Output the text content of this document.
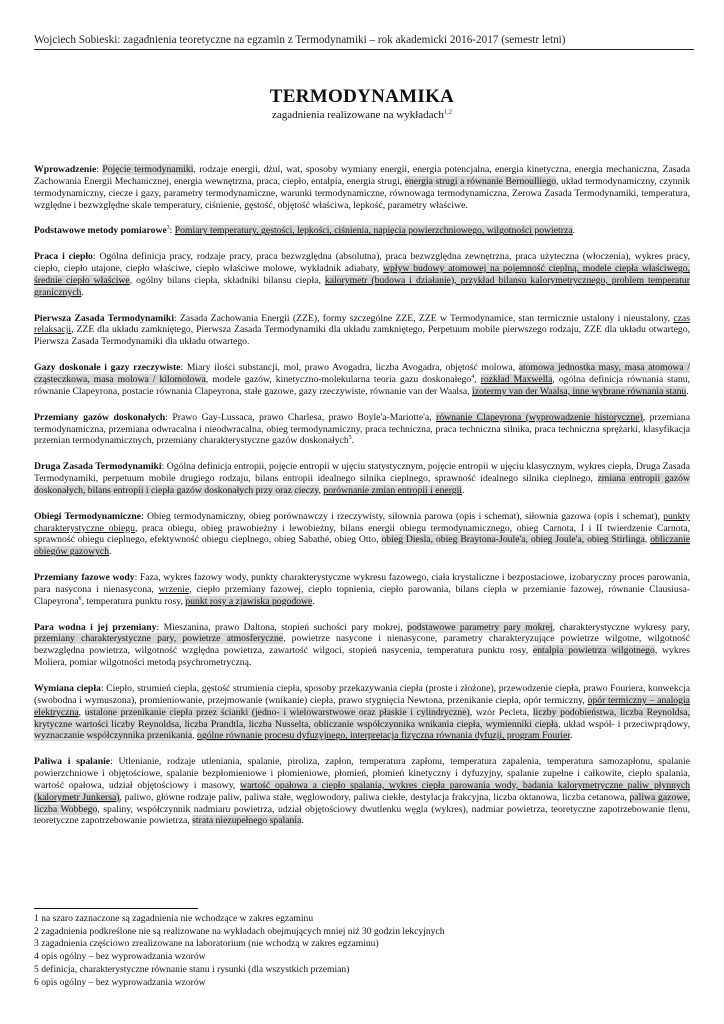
Wojciech Sobieski: zagadnienia teoretyczne na egzamin z Termodynamiki – rok akademicki 2016-2017 (semestr letni)
TERMODYNAMIKA
zagadnienia realizowane na wykładach$^{1,2}$

Wprowadzenie: Pojęcie termodynamiki, rodzaje energii, dżul, wat, sposoby wymiany energii, energia potencjalna, energia kinetyczna, energia mechaniczna, Zasada Zachowania Energii Mechanicznej, energia wewnętrzna, praca, ciepło, entalpia, energia strugi, energia strugi a równanie Bernoulliego, układ termodynamiczny, czynnik termodynamiczny, ciecze i gazy, parametry termodynamiczne, warunki termodynamiczne, równowaga termodynamiczna, Zerowa Zasada Termodynamiki, temperatura, względne i bezwzględne skale temperatury, ciśnienie, gęstość, objętość właściwa, lepkość, parametry właściwe.

Podstawowe metody pomiarowe$^3$: Pomiary temperatury, gęstości, lepkości, ciśnienia, napięcia powierzchniowego, wilgotności powietrza.

Praca i ciepło: Ogólna definicja pracy, rodzaje pracy, praca bezwzględna (absolutna), praca bezwzględna zewnętrzna, praca użyteczna (włoczenia), wykres pracy, ciepło, ciepło utajone, ciepło właściwe, ciepło właściwe molowe, wykładnik adiabaty, wpływ budowy atomowej na pojemność cieplną, modele ciepła właściwego, średnie ciepło właściwe, ogólny bilans ciepła, składniki bilansu ciepła, kalorymetr (budowa i działanie), przykład bilansu kalorymetrycznego, problem temperatur granicznych.

Pierwsza Zasada Termodynamiki: Zasada Zachowania Energii (ZZE), formy szczególne ZZE, ZZE w Termodynamice, stan termicznie ustalony i nieustalony, czas relaksacji, ZZE dla układu zamkniętego, Pierwsza Zasada Termodynamiki dla układu zamkniętego, Perpetuum mobile pierwszego rodzaju, ZZE dla układu otwartego, Pierwsza Zasada Termodynamiki dla układu otwartego.

Gazy doskonałe i gazy rzeczywiste: Miary ilości substancji, mol, prawo Avogadra, liczba Avogadra, objętość molowa, atomowa jednostka masy, masa atomowa / cząsteczkowa, masa molowa / kilomolowa, modele gazów, kinetyczno-molekularna teoria gazu doskonałego$^4$, rozkład Maxwella, ogólna definicja równania stanu, równanie Clapeyrona, postacie równania Clapeyrona, stałe gazowe, gazy rzeczywiste, równanie van der Waalsa, izotermy van der Waalsa, inne wybrane równania stanu.

Przemiany gazów doskonałych: Prawo Gay-Lussaca, prawo Charlesa, prawo Boyle'a-Mariotte'a, równanie Clapeyrona (wyprowadzenie historyczne), przemiana termodynamiczna, przemiana odwracalna i nieodwracalna, obieg termodynamiczny, praca techniczna, praca techniczna silnika, praca techniczna sprężarki, klasyfikacja przemian termodynamicznych, przemiany charakterystyczne gazów doskonałych$^5$.

Druga Zasada Termodynamiki: Ogólna definicja entropii, pojęcie entropii w ujęciu statystycznym, pojęcie entropii w ujęciu klasycznym, wykres ciepła, Druga Zasada Termodynamiki, perpetuum mobile drugiego rodzaju, bilans entropii idealnego silnika cieplnego, sprawność idealnego silnika cieplnego, zmiana entropii gazów doskonałych, bilans entropii i ciepła gazów doskonałych przy oraz cieczy, porównanie zmian entropii i energii.

Obiegi Termodynamiczne: Obieg termodynamiczny, obieg porównawczy i rzeczywisty, siłownia parowa (opis i schemat), siłownia gazowa (opis i schemat), punkty charakterystyczne obiegu, praca obiegu, obieg prawobieżny i lewobieżny, bilans energii obiegu termodynamicznego, obieg Carnota, I i II twierdzenie Carnota, sprawność obiegu cieplnego, efektywność obiegu cieplnego, obieg Sabathé, obieg Otto, obieg Diesla, obieg Braytona-Joule'a, obieg Joule'a, obieg Stirlinga, obliczanie obiegów gazowych.

Przemiany fazowe wody: Faza, wykres fazowy wody, punkty charakterystyczne wykresu fazowego, ciała krystaliczne i bezpostaciowe, izobaryczny proces parowania, para nasycona i nienasycona, wrzenie, ciepło przemiany fazowej, ciepło topnienia, ciepło parowania, bilans ciepła w przemianie fazowej, równanie Clausiusa-Clapeyrona$^6$, temperatura punktu rosy, punkt rosy a zjawiska pogodowe.

Para wodna i jej przemiany: Mieszanina, prawo Daltona, stopień suchości pary mokrej, podstawowe parametry pary mokrej, charakterystyczne wykresy pary, przemiany charakterystyczne pary, powietrze atmosferyczne, powietrze nasycone i nienasycone, parametry charakteryzujące powietrze wilgotne, wilgotność bezwzględna powietrza, wilgotność względna powietrza, zawartość wilgoci, stopień nasycenia, temperatura punktu rosy, entalpia powietrza wilgotnego, wykres Moliera, pomiar wilgotności metodą psychrometryczną.

Wymiana ciepła: Ciepło, strumień ciepła, gęstość strumienia ciepła, sposoby przekazywania ciepła (proste i złożone), przewodzenie ciepła, prawo Fouriera, konwekcja (swobodna i wymuszona), promieniowanie, przejmowanie (wnikanie) ciepła, prawo stygnięcia Newtona, przenikanie ciepła, opór termiczny, opór termiczny – analogia elektryczna, ustalone przenikanie ciepła przez ścianki (jedno- i wielowarstwowe oraz płaskie i cylindryczne), wzór Pecleta, liczby podobieństwa, liczba Reynoldsa, krytyczne wartości liczby Reynoldsa, liczba Prandtla, liczba Nusselta, obliczanie współczynnika wnikania ciepła, wymienniki ciepła, układ współ- i przeciwprądowy, wyznaczanie współczynnika przenikania, ogólne równanie procesu dyfuzyjnego, interpretacja fizyczna równania dyfuzji, program Fourier.

Paliwa i spalanie: Utlenianie, rodzaje utleniania, spalanie, piroliza, zapłon, temperatura zapłonu, temperatura zapalenia, temperatura samozapłonu, spalanie powierzchniowe i objętościowe, spalanie bezpłomieniowe i płomieniowe, płomień, płomień kinetyczny i dyfuzyjny, spalanie zupełne i całkowite, ciepło spalania, wartość opałowa, udział objętościowy i masowy, wartość opałowa a ciepło spalania, wykres ciepła parowania wody, badania kalorymetryczne paliw płynnych (kalorymetr Junkersa), paliwo, główne rodzaje paliw, paliwa stałe, węglowodory, paliwa ciekłe, destylacja frakcyjna, liczba oktanowa, liczba cetanowa, paliwa gazowe, liczba Wobbego, spaliny, współczynnik nadmiaru powietrza, udział objętościowy dwutlenku węgla (wykres), nadmiar powietrza, teoretyczne zapotrzebowanie tlenu, teoretyczne zapotrzebowanie powietrza, strata niezupełnego spalania.

1 na szaro zaznaczone są zagadnienia nie wchodzące w zakres egzaminu
2 zagadnienia podkreślone nie są realizowane na wykładach obejmujących mniej niż 30 godzin lekcyjnych
3 zagadnienia częściowo zrealizowane na laboratorium (nie wchodzą w zakres egzaminu)
4 opis ogólny – bez wyprowadzania wzorów
5 definicja, charakterystyczne równanie stanu i rysunki (dla wszystkich przemian)
6 opis ogólny – bez wyprowadzania wzorów
